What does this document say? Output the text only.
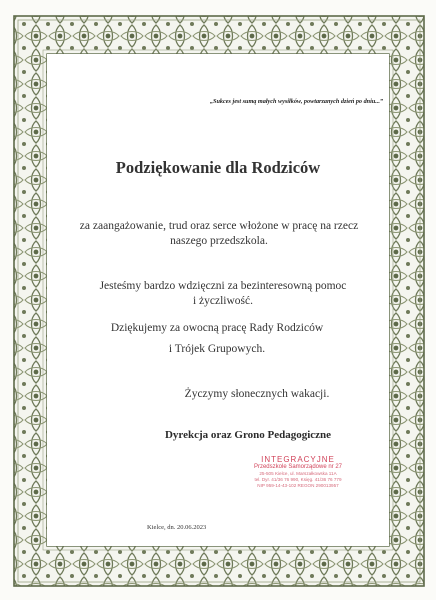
„Sukces jest sumą małych wysiłków, powtarzanych dzień po dniu...”
Podziękowanie dla Rodziców
za zaangażowanie, trud oraz serce włożone w pracę na rzecz
naszego przedszkola.
Jesteśmy bardzo wdzięczni za bezinteresowną pomoc
i życzliwość.
Dziękujemy za owocną pracę Rady Rodziców
i Trójek Grupowych.
Życzymy słonecznych wakacji.
Dyrekcja oraz Grono Pedagogiczne
INTEGRACYJNE
Przedszkole Samorządowe nr 27
25-505 Kielce, ul. Marszałkowska 11A
tel. Dyr. 41/36 76 990, Księg. 41/36 76 779
NIP 959-14-43-102 REGON 290013957
Kielce, dn. 20.06.2023
